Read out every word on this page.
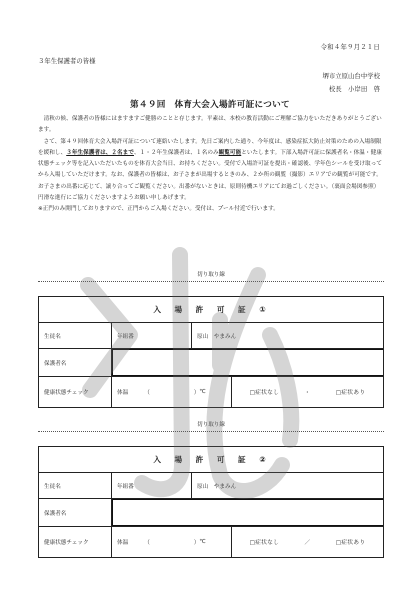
令和４年９月２１日
３年生保護者の皆様
堺市立原山台中学校
校長　小岸田　啓
第４９回　体育大会入場許可証について

清秋の候、保護者の皆様にはますますご健勝のことと存じます。平素は、本校の教育活動にご理解ご協力をいただきありがとうございます。

さて、第４９回体育大会入場許可証について連絡いたします。先日ご案内した通り、今年度は、感染症拡大防止対策のための入場制限を緩和し、３年生保護者は、２名まで、１・２年生保護者は、１名のみ観覧可能といたします。下部入場許可証に保護者名・体温・健康状態チェック等を記入いただいたものを体育大会当日、お持ちください。受付で入場許可証を提出・確認後、学年色シールを受け取ってから入場していただけます。なお、保護者の皆様は、お子さまが出場するときのみ、２か所の観覧（撮影）エリアでの観覧が可能です。お子さまの出番に応じて、譲り合ってご観覧ください。出番がないときは、原則待機エリアにてお過ごしください。（裏面会場図参照）円滑な進行にご協力くださいますようお願い申しあげます。

※正門のみ開門しておりますので、正門からご入場ください。受付は、プール付近で行います。

切り取り線
入　場　許　可　証　①
生徒名	年組番	原山　やまみん
保護者名
健康状態チェック	体温	（	） ℃	□症状なし	・	□症状あり
切り取り線
入　場　許　可　証　②
生徒名	年組番	原山　やまみん
保護者名
健康状態チェック	体温	（	） ℃	□症状なし	／	□症状あり
